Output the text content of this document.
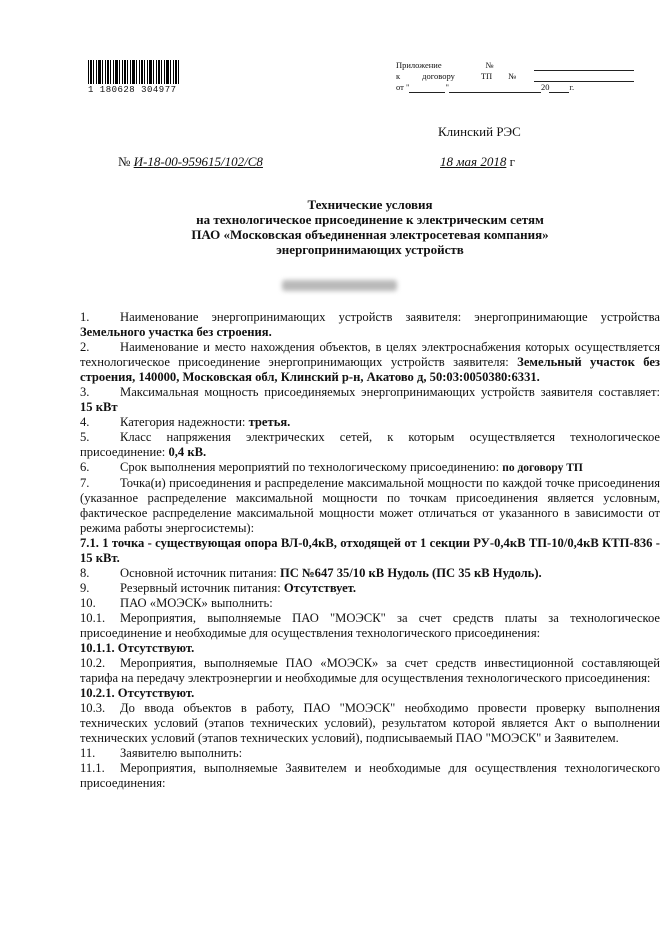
1 180628 304977
Приложение	№
к	договору	ТП №
от "	"	20 г.
Клинский РЭС
№ И-18-00-959615/102/С8	18 мая 2018 г
Технические условия
на технологическое присоединение к электрическим сетям
ПАО «Московская объединенная электросетевая компания»
энергопринимающих устройств

1. Наименование энергопринимающих устройств заявителя: энергопринимающие устройства Земельного участка без строения.

2. Наименование и место нахождения объектов, в целях электроснабжения которых осуществляется технологическое присоединение энергопринимающих устройств заявителя: Земельный участок без строения, 140000, Московская обл, Клинский р-н, Акатово д, 50:03:0050380:6331.

3. Максимальная мощность присоединяемых энергопринимающих устройств заявителя составляет: 15 кВт

4. Категория надежности: третья.

5. Класс напряжения электрических сетей, к которым осуществляется технологическое присоединение: 0,4 кВ.

6. Срок выполнения мероприятий по технологическому присоединению: по договору ТП

7. Точка(и) присоединения и распределение максимальной мощности по каждой точке присоединения (указанное распределение максимальной мощности по точкам присоединения является условным, фактическое распределение максимальной мощности может отличаться от указанного в зависимости от режима работы энергосистемы):

7.1. 1 точка - существующая опора ВЛ-0,4кВ, отходящей от 1 секции РУ-0,4кВ ТП-10/0,4кВ КТП-836 - 15 кВт.

8. Основной источник питания: ПС №647 35/10 кВ Нудоль (ПС 35 кВ Нудоль).

9. Резервный источник питания: Отсутствует.

10. ПАО «МОЭСК» выполнить:

10.1. Мероприятия, выполняемые ПАО "МОЭСК" за счет средств платы за технологическое присоединение и необходимые для осуществления технологического присоединения:

10.1.1. Отсутствуют.

10.2. Мероприятия, выполняемые ПАО «МОЭСК» за счет средств инвестиционной составляющей тарифа на передачу электроэнергии и необходимые для осуществления технологического присоединения:

10.2.1. Отсутствуют.

10.3. До ввода объектов в работу, ПАО "МОЭСК" необходимо провести проверку выполнения технических условий (этапов технических условий), результатом которой является Акт о выполнении технических условий (этапов технических условий), подписываемый ПАО "МОЭСК" и Заявителем.

11. Заявителю выполнить:

11.1. Мероприятия, выполняемые Заявителем и необходимые для осуществления технологического присоединения:
